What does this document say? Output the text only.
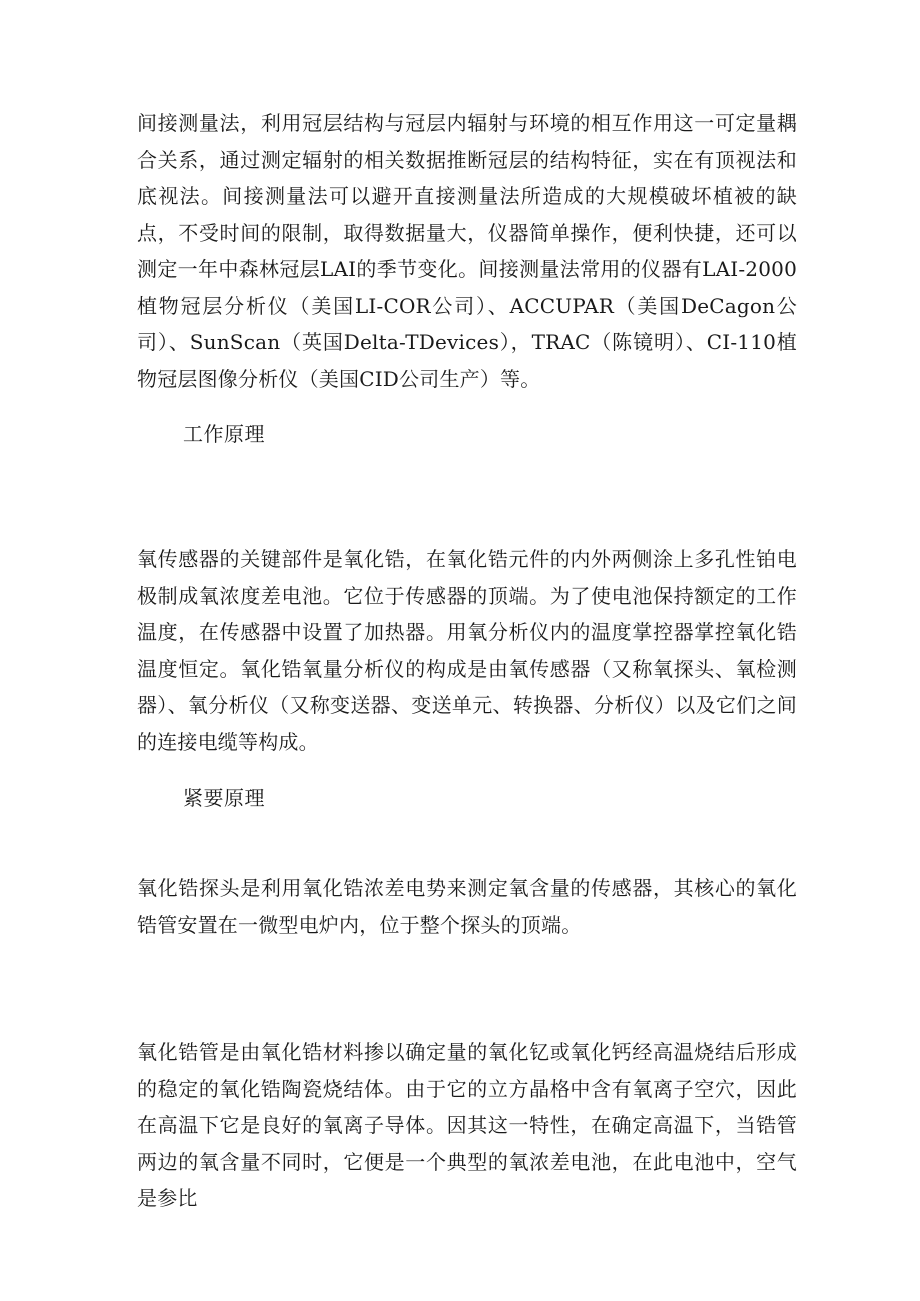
间接测量法，利用冠层结构与冠层内辐射与环境的相互作用这一可定量耦合关系，通过测定辐射的相关数据推断冠层的结构特征，实在有顶视法和底视法。间接测量法可以避开直接测量法所造成的大规模破坏植被的缺点，不受时间的限制，取得数据量大，仪器简单操作，便利快捷，还可以测定一年中森林冠层LAI的季节变化。间接测量法常用的仪器有LAI-2000植物冠层分析仪（美国LI-COR公司）、ACCUPAR（美国DeCagon公司）、SunScan（英国Delta-TDevices），TRAC（陈镜明）、CI-110植物冠层图像分析仪（美国CID公司生产）等。

工作原理

氧传感器的关键部件是氧化锆，在氧化锆元件的内外两侧涂上多孔性铂电极制成氧浓度差电池。它位于传感器的顶端。为了使电池保持额定的工作温度，在传感器中设置了加热器。用氧分析仪内的温度掌控器掌控氧化锆温度恒定。氧化锆氧量分析仪的构成是由氧传感器（又称氧探头、氧检测器）、氧分析仪（又称变送器、变送单元、转换器、分析仪）以及它们之间的连接电缆等构成。

紧要原理

氧化锆探头是利用氧化锆浓差电势来测定氧含量的传感器，其核心的氧化锆管安置在一微型电炉内，位于整个探头的顶端。

氧化锆管是由氧化锆材料掺以确定量的氧化钇或氧化钙经高温烧结后形成的稳定的氧化锆陶瓷烧结体。由于它的立方晶格中含有氧离子空穴，因此在高温下它是良好的氧离子导体。因其这一特性，在确定高温下，当锆管两边的氧含量不同时，它便是一个典型的氧浓差电池，在此电池中，空气是参比
